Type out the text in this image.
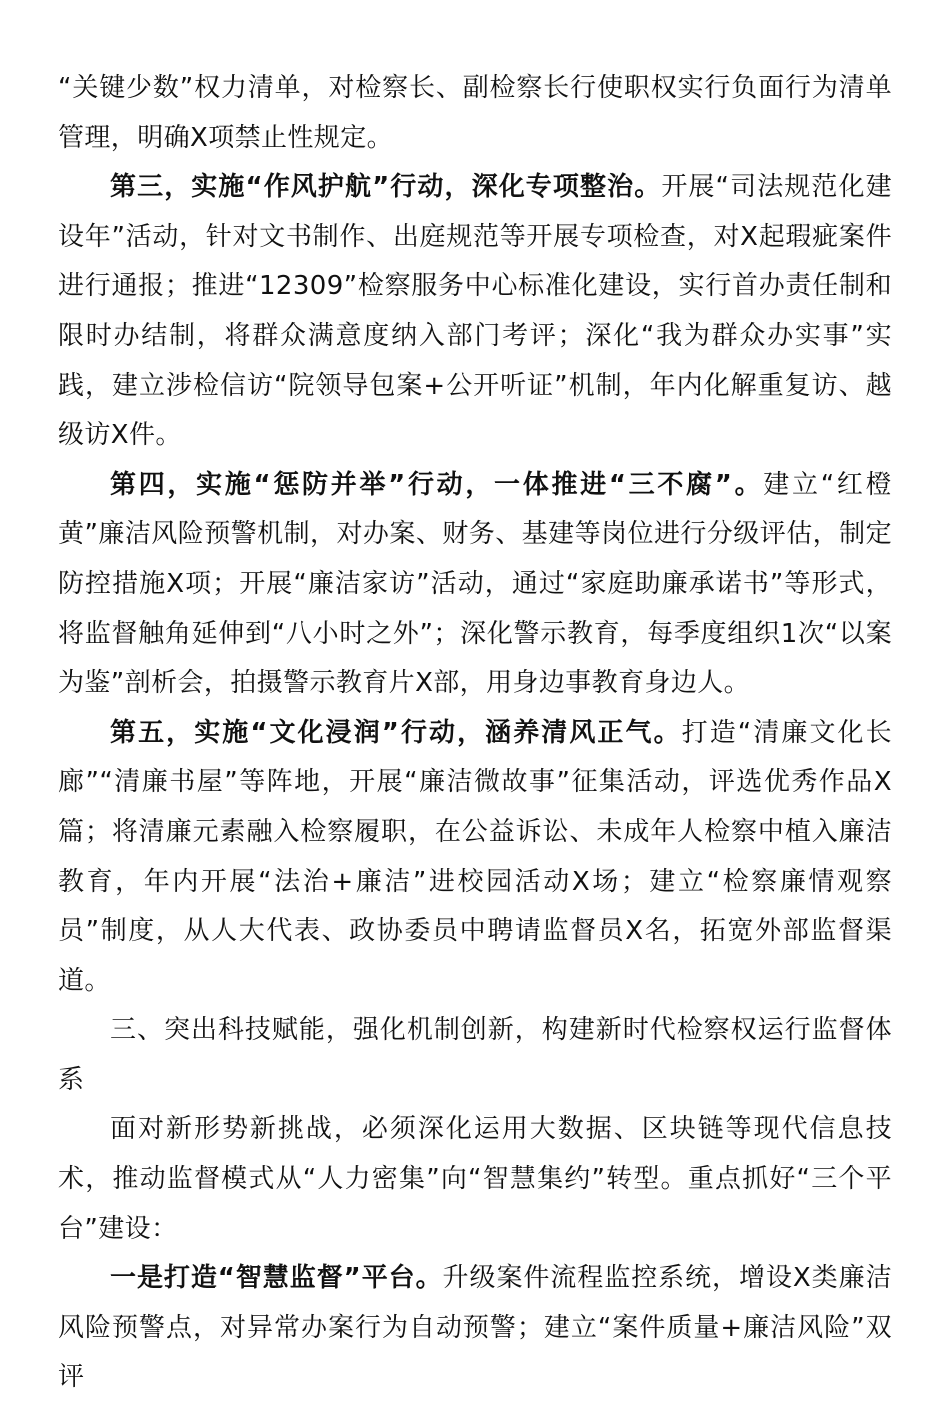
“关键少数”权力清单，对检察长、副检察长行使职权实行负面行为清单管理，明确X项禁止性规定。

第三，实施“作风护航”行动，深化专项整治。开展“司法规范化建设年”活动，针对文书制作、出庭规范等开展专项检查，对X起瑕疵案件进行通报；推进“12309”检察服务中心标准化建设，实行首办责任制和限时办结制，将群众满意度纳入部门考评；深化“我为群众办实事”实践，建立涉检信访“院领导包案+公开听证”机制，年内化解重复访、越级访X件。

第四，实施“惩防并举”行动，一体推进“三不腐”。建立“红橙黄”廉洁风险预警机制，对办案、财务、基建等岗位进行分级评估，制定防控措施X项；开展“廉洁家访”活动，通过“家庭助廉承诺书”等形式，将监督触角延伸到“八小时之外”；深化警示教育，每季度组织1次“以案为鉴”剖析会，拍摄警示教育片X部，用身边事教育身边人。

第五，实施“文化浸润”行动，涵养清风正气。打造“清廉文化长廊”“清廉书屋”等阵地，开展“廉洁微故事”征集活动，评选优秀作品X篇；将清廉元素融入检察履职，在公益诉讼、未成年人检察中植入廉洁教育，年内开展“法治+廉洁”进校园活动X场；建立“检察廉情观察员”制度，从人大代表、政协委员中聘请监督员X名，拓宽外部监督渠道。

三、突出科技赋能，强化机制创新，构建新时代检察权运行监督体系

面对新形势新挑战，必须深化运用大数据、区块链等现代信息技术，推动监督模式从“人力密集”向“智慧集约”转型。重点抓好“三个平台”建设：

一是打造“智慧监督”平台。升级案件流程监控系统，增设X类廉洁风险预警点，对异常办案行为自动预警；建立“案件质量+廉洁风险”双评
